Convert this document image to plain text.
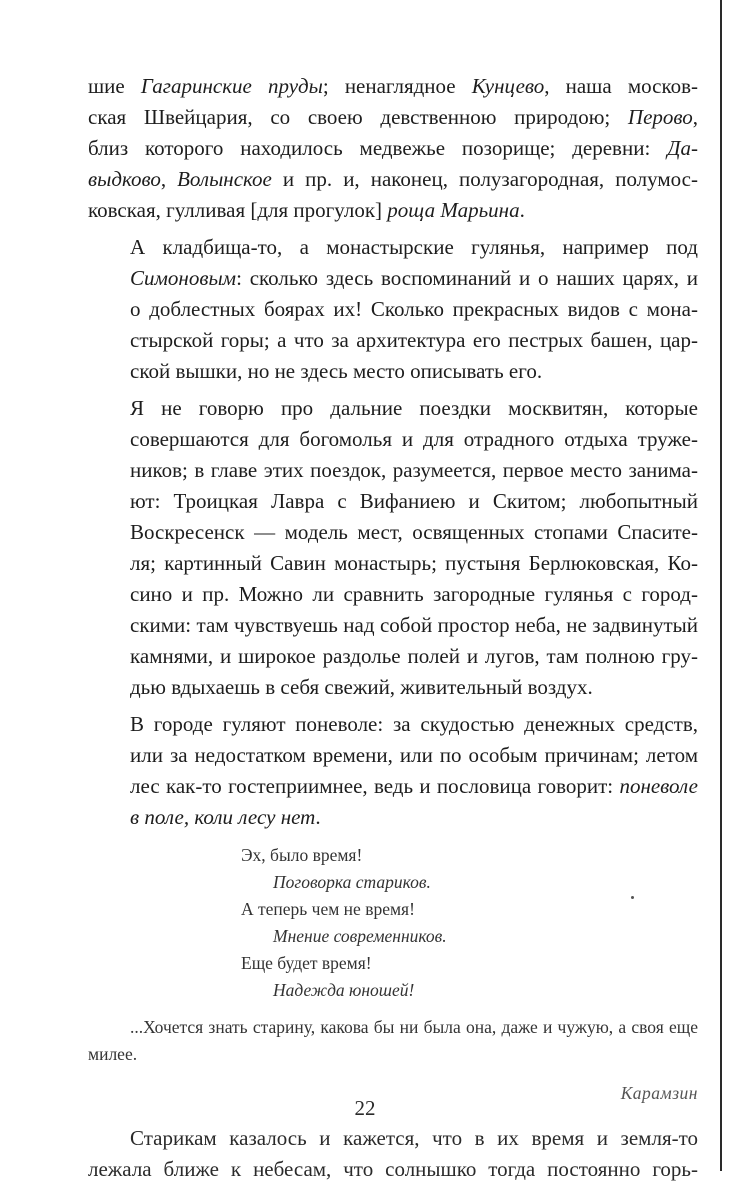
шие Гагаринские пруды; ненаглядное Кунцево, наша москов-
ская Швейцария, со своею девственною природою; Перово,
близ которого находилось медвежье позорище; деревни: Да-
выдково, Волынское и пр. и, наконец, полузагородная, полумос-
ковская, гулливая [для прогулок] роща Марьина.

А кладбища-то, а монастырские гулянья, например под
Симоновым: сколько здесь воспоминаний и о наших царях, и
о доблестных боярах их! Сколько прекрасных видов с мона-
стырской горы; а что за архитектура его пестрых башен, цар-
ской вышки, но не здесь место описывать его.

Я не говорю про дальние поездки москвитян, которые
совершаются для богомолья и для отрадного отдыха труже-
ников; в главе этих поездок, разумеется, первое место занима-
ют: Троицкая Лавра с Вифаниею и Скитом; любопытный
Воскресенск — модель мест, освященных стопами Спасите-
ля; картинный Савин монастырь; пустыня Берлюковская, Ко-
сино и пр. Можно ли сравнить загородные гулянья с город-
скими: там чувствуешь над собой простор неба, не задвинутый
камнями, и широкое раздолье полей и лугов, там полною гру-
дью вдыхаешь в себя свежий, живительный воздух.

В городе гуляют поневоле: за скудостью денежных средств,
или за недостатком времени, или по особым причинам; летом
лес как-то гостеприимнее, ведь и пословица говорит: поневоле
в поле, коли лесу нет.

Эх, было время!
Поговорка стариков.
А теперь чем не время!
Мнение современников.
Еще будет время!
Надежда юношей!

...Хочется знать старину, какова бы ни была она, даже и чужую, а своя еще милее.

Карамзин

Старикам казалось и кажется, что в их время и земля-то лежала ближе к небесам, что солнышко тогда постоянно горь-

22
